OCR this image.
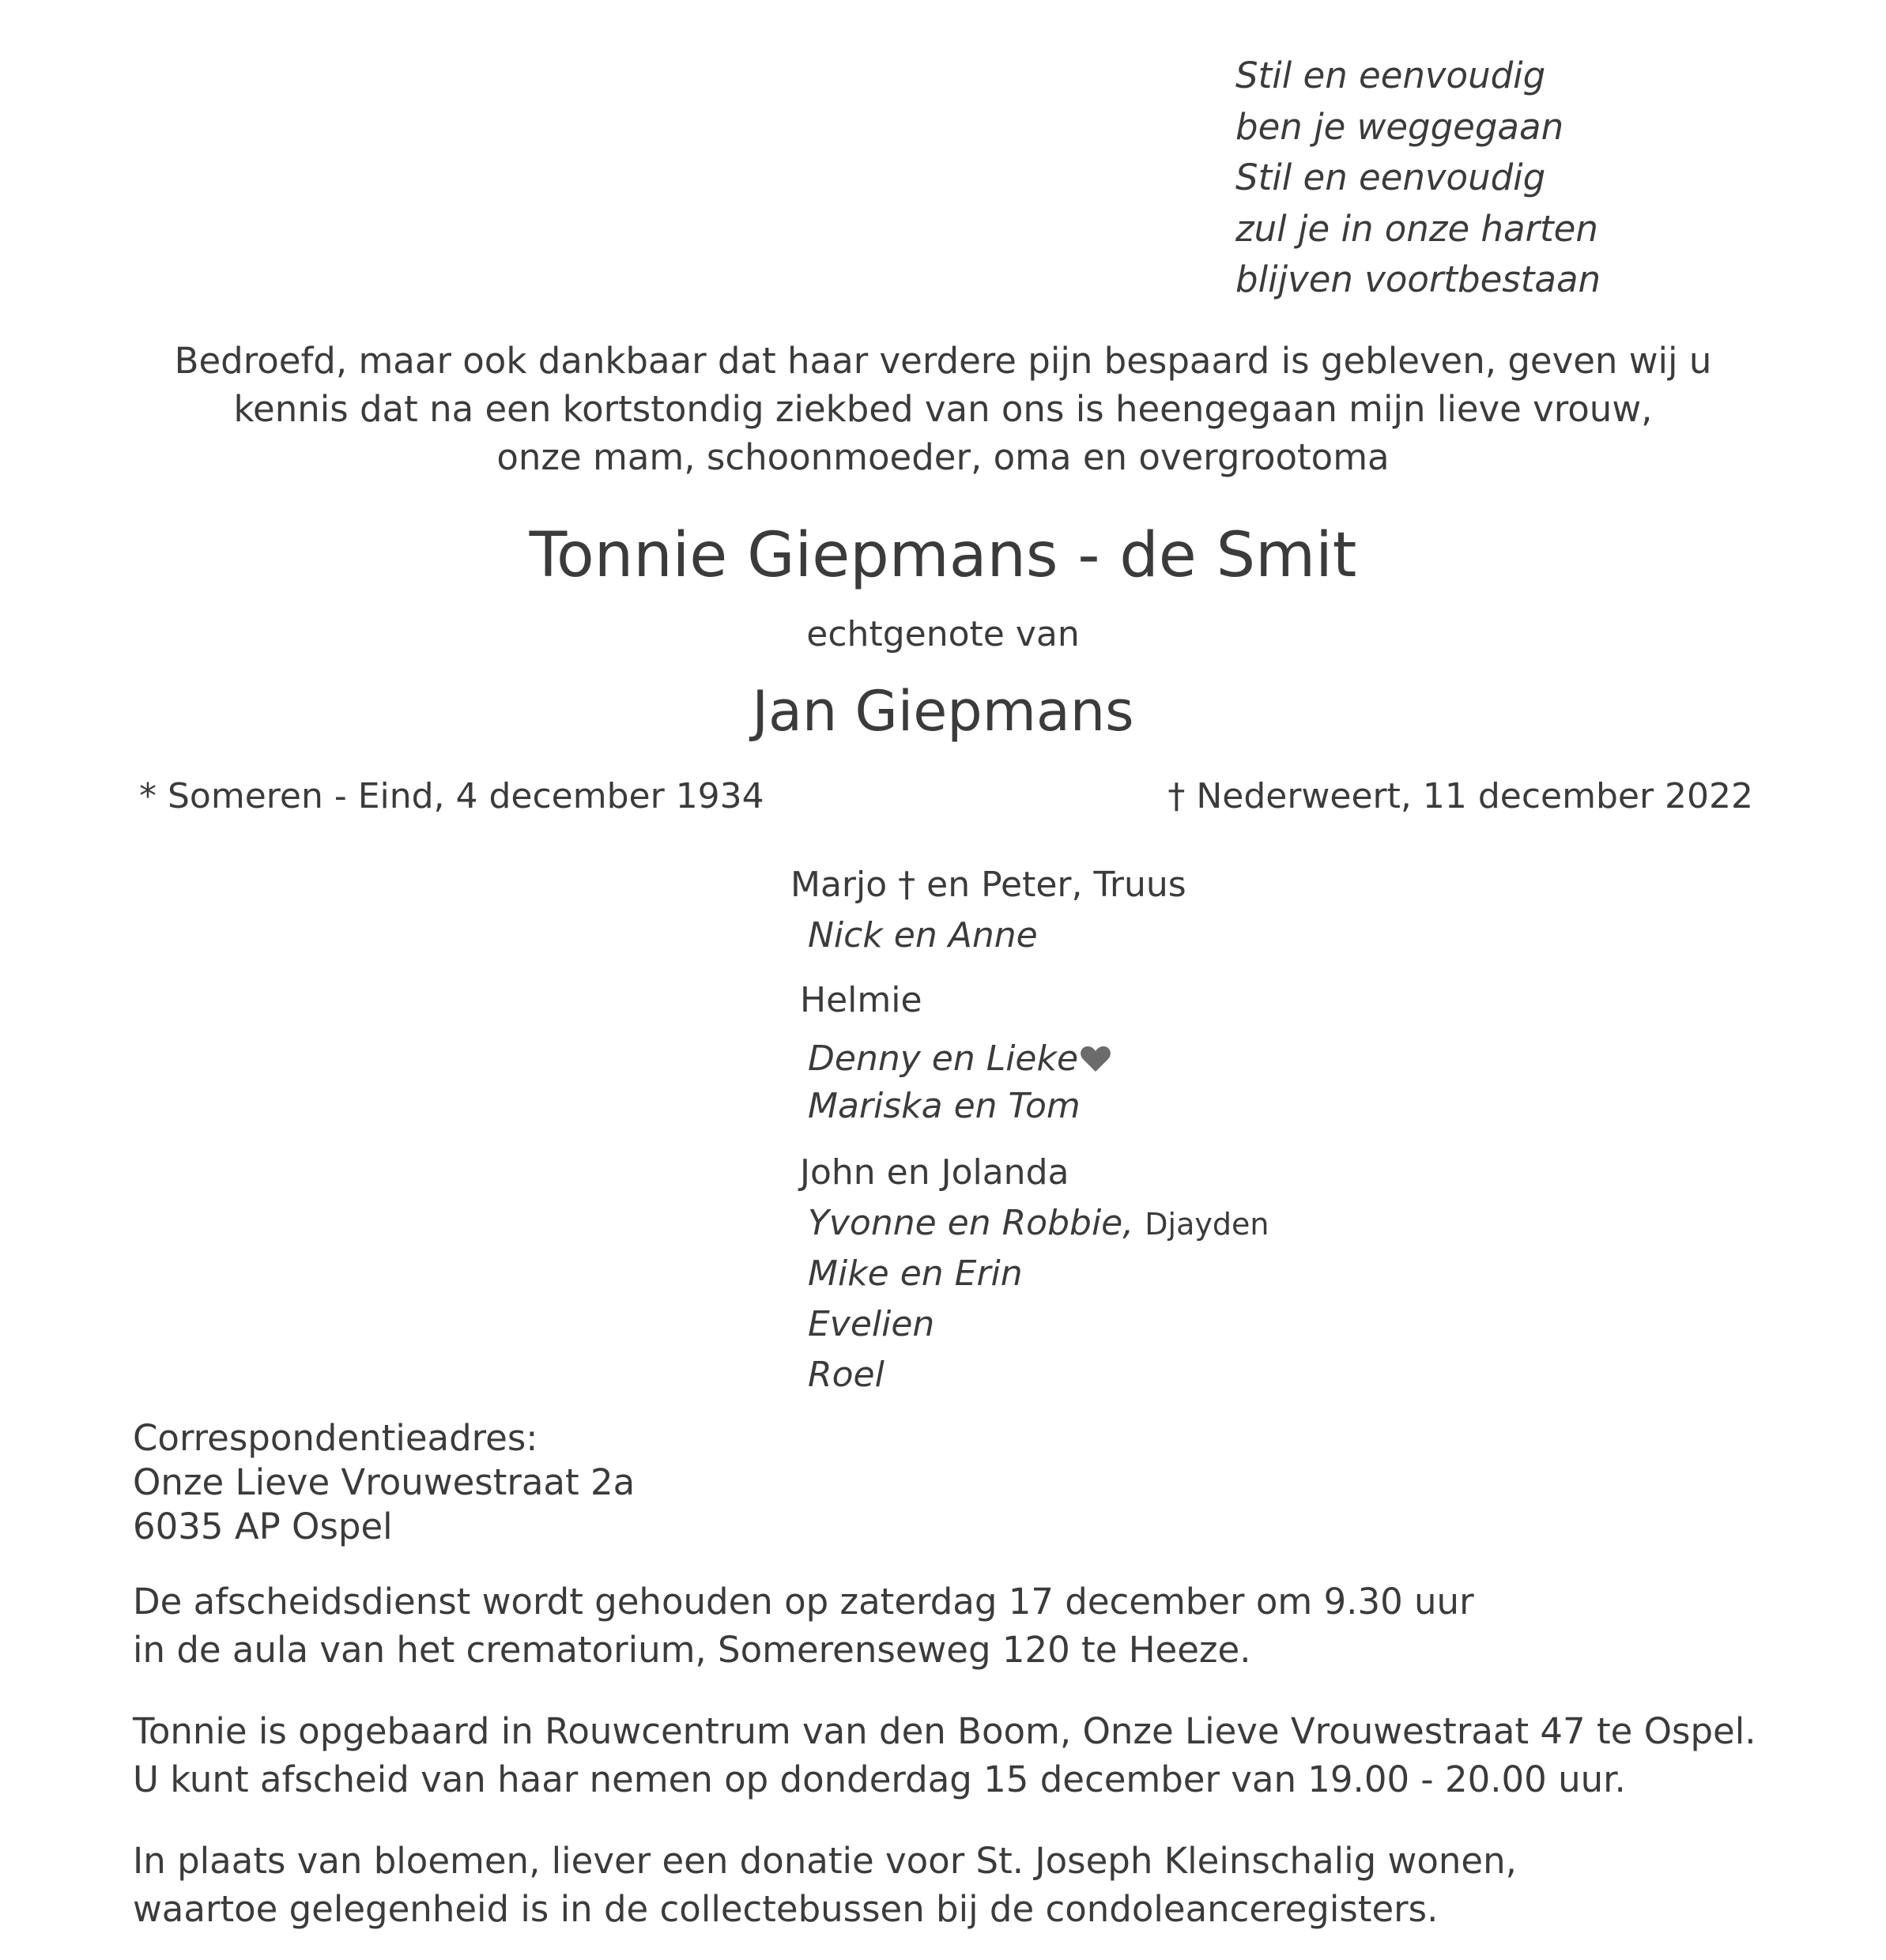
Stil en eenvoudig
ben je weggegaan
Stil en eenvoudig
zul je in onze harten
blijven voortbestaan
Bedroefd, maar ook dankbaar dat haar verdere pijn bespaard is gebleven, geven wij u
kennis dat na een kortstondig ziekbed van ons is heengegaan mijn lieve vrouw,
onze mam, schoonmoeder, oma en overgrootoma
Tonnie Giepmans - de Smit
echtgenote van
Jan Giepmans
* Someren - Eind, 4 december 1934	† Nederweert, 11 december 2022
Marjo † en Peter, Truus
Nick en Anne
Helmie
Denny en Lieke
Mariska en Tom
John en Jolanda
Yvonne en Robbie, Djayden
Mike en Erin
Evelien
Roel
Correspondentieadres:
Onze Lieve Vrouwestraat 2a
6035 AP Ospel
De afscheidsdienst wordt gehouden op zaterdag 17 december om 9.30 uur
in de aula van het crematorium, Somerenseweg 120 te Heeze.
Tonnie is opgebaard in Rouwcentrum van den Boom, Onze Lieve Vrouwestraat 47 te Ospel.
U kunt afscheid van haar nemen op donderdag 15 december van 19.00 - 20.00 uur.
In plaats van bloemen, liever een donatie voor St. Joseph Kleinschalig wonen,
waartoe gelegenheid is in de collectebussen bij de condoleanceregisters.
